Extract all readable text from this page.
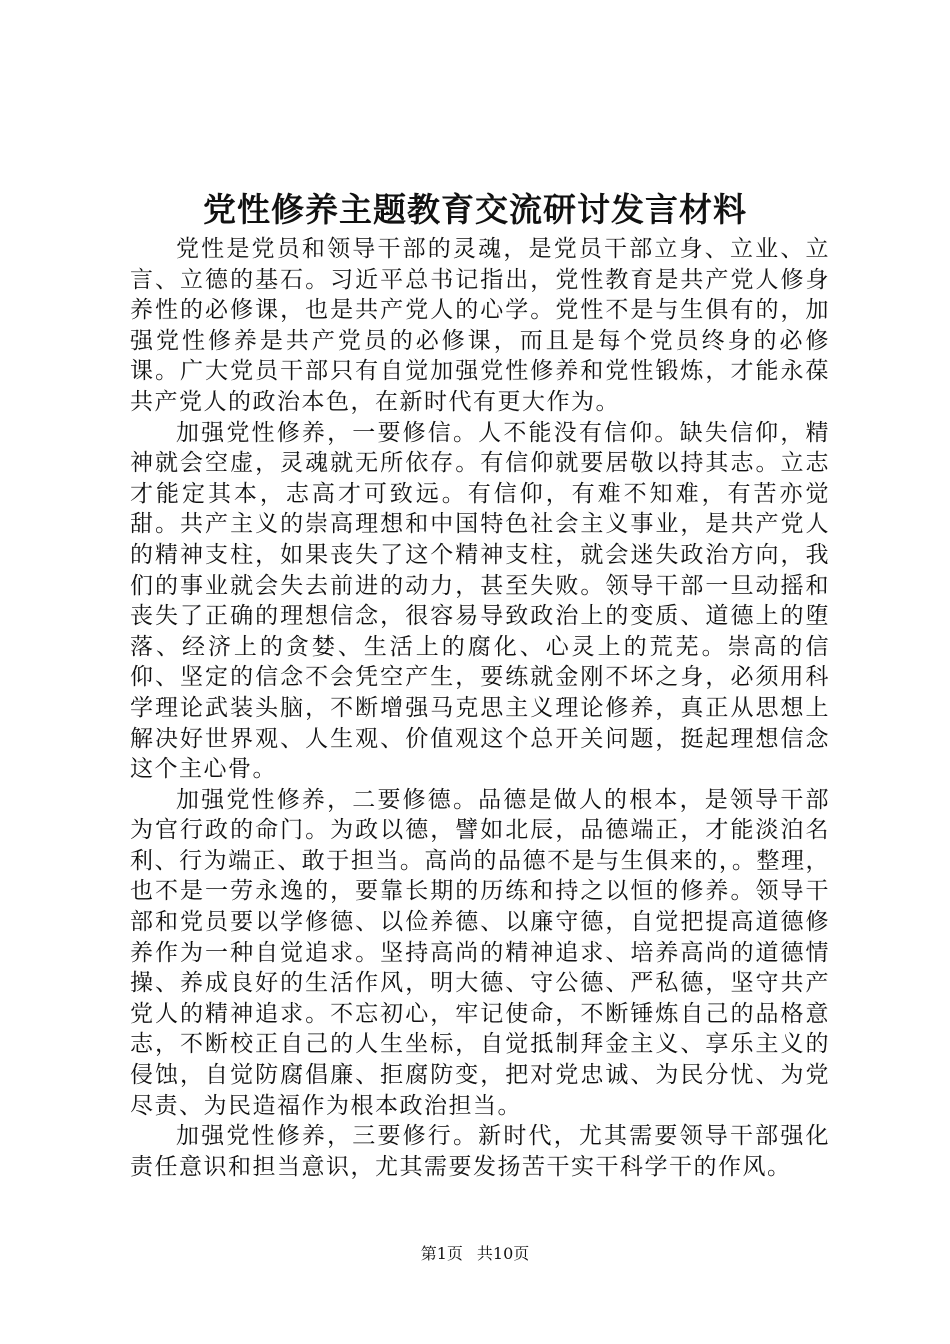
党性修养主题教育交流研讨发言材料

党性是党员和领导干部的灵魂，是党员干部立身、立业、立言、立德的基石。习近平总书记指出，党性教育是共产党人修身养性的必修课，也是共产党人的心学。党性不是与生俱有的，加强党性修养是共产党员的必修课，而且是每个党员终身的必修课。广大党员干部只有自觉加强党性修养和党性锻炼，才能永葆共产党人的政治本色，在新时代有更大作为。

加强党性修养，一要修信。人不能没有信仰。缺失信仰，精神就会空虚，灵魂就无所依存。有信仰就要居敬以持其志。立志才能定其本，志高才可致远。有信仰，有难不知难，有苦亦觉甜。共产主义的崇高理想和中国特色社会主义事业，是共产党人的精神支柱，如果丧失了这个精神支柱，就会迷失政治方向，我们的事业就会失去前进的动力，甚至失败。领导干部一旦动摇和丧失了正确的理想信念，很容易导致政治上的变质、道德上的堕落、经济上的贪婪、生活上的腐化、心灵上的荒芜。崇高的信仰、坚定的信念不会凭空产生，要练就金刚不坏之身，必须用科学理论武装头脑，不断增强马克思主义理论修养，真正从思想上解决好世界观、人生观、价值观这个总开关问题，挺起理想信念这个主心骨。

加强党性修养，二要修德。品德是做人的根本，是领导干部为官行政的命门。为政以德，譬如北辰，品德端正，才能淡泊名利、行为端正、敢于担当。高尚的品德不是与生俱来的，。整理，也不是一劳永逸的，要靠长期的历练和持之以恒的修养。领导干部和党员要以学修德、以俭养德、以廉守德，自觉把提高道德修养作为一种自觉追求。坚持高尚的精神追求、培养高尚的道德情操、养成良好的生活作风，明大德、守公德、严私德，坚守共产党人的精神追求。不忘初心，牢记使命，不断锤炼自己的品格意志，不断校正自己的人生坐标，自觉抵制拜金主义、享乐主义的侵蚀，自觉防腐倡廉、拒腐防变，把对党忠诚、为民分忧、为党尽责、为民造福作为根本政治担当。

加强党性修养，三要修行。新时代，尤其需要领导干部强化责任意识和担当意识，尤其需要发扬苦干实干科学干的作风。

第1页 共10页
